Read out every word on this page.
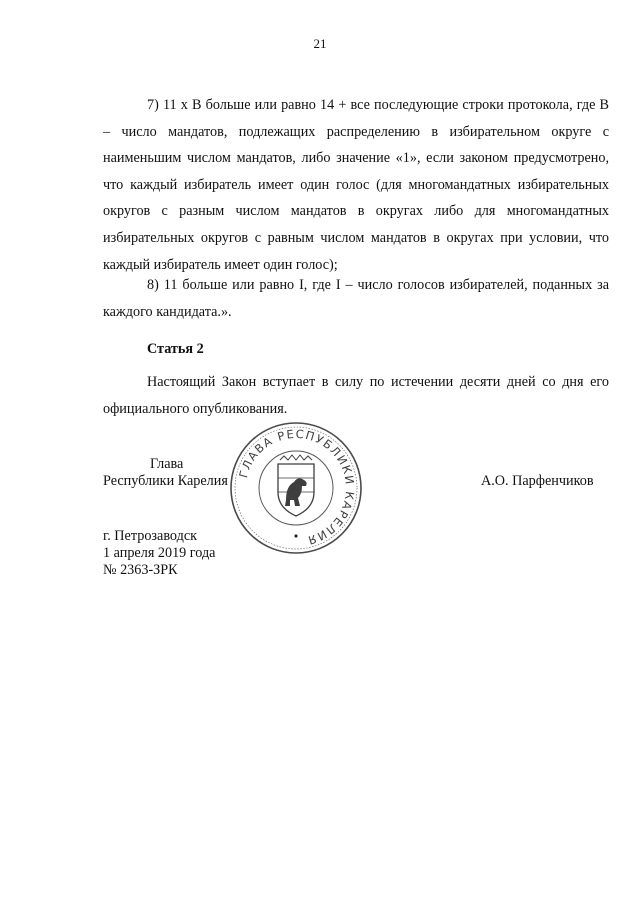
21

7) 11 x В больше или равно 14 + все последующие строки протокола, где В – число мандатов, подлежащих распределению в избирательном округе с наименьшим числом мандатов, либо значение «1», если законом предусмотрено, что каждый избиратель имеет один голос (для многомандатных избирательных округов с разным числом мандатов в округах либо для многомандатных избирательных округов с равным числом мандатов в округах при условии, что каждый избиратель имеет один голос);

8) 11 больше или равно I, где I – число голосов избирателей, поданных за каждого кандидата.».

Статья 2

Настоящий Закон вступает в силу по истечении десяти дней со дня его официального опубликования.

Глава
Республики Карелия	А.О. Парфенчиков
ГЛАВА РЕСПУБЛИКИ КАРЕЛИЯ
г. Петрозаводск
1 апреля 2019 года
№ 2363-ЗРК
